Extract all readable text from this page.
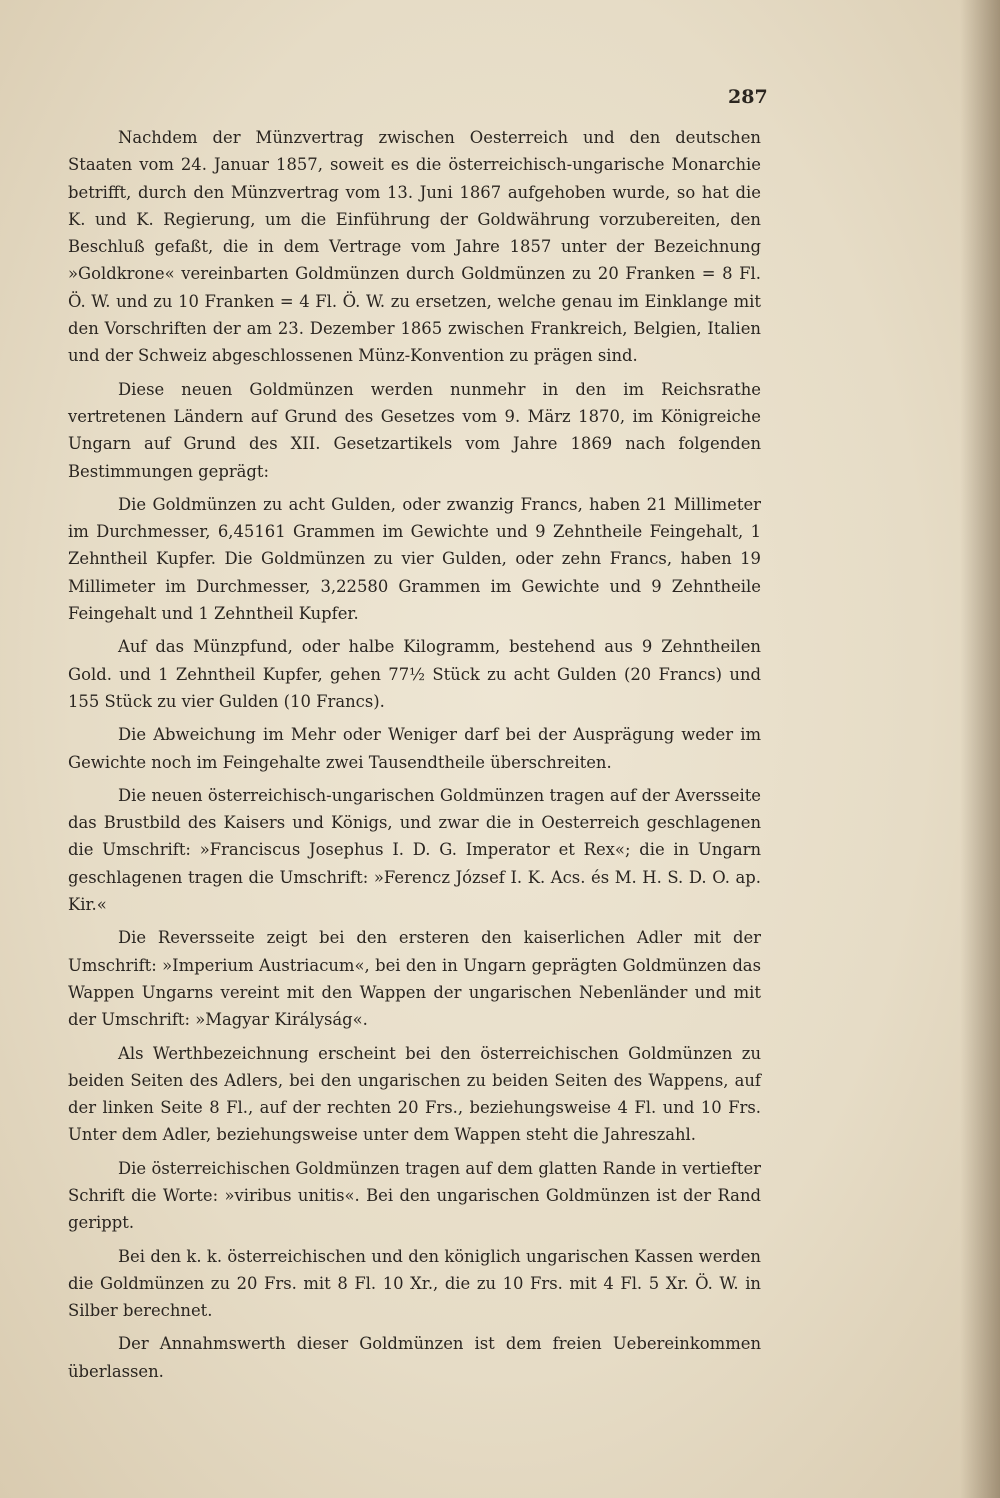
287

Nachdem der Münzvertrag zwischen Oesterreich und den deutschen Staaten vom 24. Januar 1857, soweit es die österreichisch-ungarische Monarchie betrifft, durch den Münzvertrag vom 13. Juni 1867 aufgehoben wurde, so hat die K. und K. Regierung, um die Einführung der Goldwährung vorzubereiten, den Beschluß gefaßt, die in dem Vertrage vom Jahre 1857 unter der Bezeichnung »Goldkrone« vereinbarten Goldmünzen durch Goldmünzen zu 20 Franken = 8 Fl. Ö. W. und zu 10 Franken = 4 Fl. Ö. W. zu ersetzen, welche genau im Einklange mit den Vorschriften der am 23. Dezember 1865 zwischen Frankreich, Belgien, Italien und der Schweiz abgeschlossenen Münz-Konvention zu prägen sind.

Diese neuen Goldmünzen werden nunmehr in den im Reichsrathe vertretenen Ländern auf Grund des Gesetzes vom 9. März 1870, im Königreiche Ungarn auf Grund des XII. Gesetzartikels vom Jahre 1869 nach folgenden Bestimmungen geprägt:

Die Goldmünzen zu acht Gulden, oder zwanzig Francs, haben 21 Millimeter im Durchmesser, 6,45161 Grammen im Gewichte und 9 Zehntheile Feingehalt, 1 Zehntheil Kupfer. Die Goldmünzen zu vier Gulden, oder zehn Francs, haben 19 Millimeter im Durchmesser, 3,22580 Grammen im Gewichte und 9 Zehntheile Feingehalt und 1 Zehntheil Kupfer.

Auf das Münzpfund, oder halbe Kilogramm, bestehend aus 9 Zehntheilen Gold. und 1 Zehntheil Kupfer, gehen 77½ Stück zu acht Gulden (20 Francs) und 155 Stück zu vier Gulden (10 Francs).

Die Abweichung im Mehr oder Weniger darf bei der Ausprägung weder im Gewichte noch im Feingehalte zwei Tausendtheile überschreiten.

Die neuen österreichisch-ungarischen Goldmünzen tragen auf der Aversseite das Brustbild des Kaisers und Königs, und zwar die in Oesterreich geschlagenen die Umschrift: »Franciscus Josephus I. D. G. Imperator et Rex«; die in Ungarn geschlagenen tragen die Umschrift: »Ferencz József I. K. Acs. és M. H. S. D. O. ap. Kir.«

Die Reversseite zeigt bei den ersteren den kaiserlichen Adler mit der Umschrift: »Imperium Austriacum«, bei den in Ungarn geprägten Goldmünzen das Wappen Ungarns vereint mit den Wappen der ungarischen Nebenländer und mit der Umschrift: »Magyar Királyság«.

Als Werthbezeichnung erscheint bei den österreichischen Goldmünzen zu beiden Seiten des Adlers, bei den ungarischen zu beiden Seiten des Wappens, auf der linken Seite 8 Fl., auf der rechten 20 Frs., beziehungsweise 4 Fl. und 10 Frs. Unter dem Adler, beziehungsweise unter dem Wappen steht die Jahreszahl.

Die österreichischen Goldmünzen tragen auf dem glatten Rande in vertiefter Schrift die Worte: »viribus unitis«. Bei den ungarischen Goldmünzen ist der Rand gerippt.

Bei den k. k. österreichischen und den königlich ungarischen Kassen werden die Goldmünzen zu 20 Frs. mit 8 Fl. 10 Xr., die zu 10 Frs. mit 4 Fl. 5 Xr. Ö. W. in Silber berechnet.

Der Annahmswerth dieser Goldmünzen ist dem freien Uebereinkommen überlassen.
